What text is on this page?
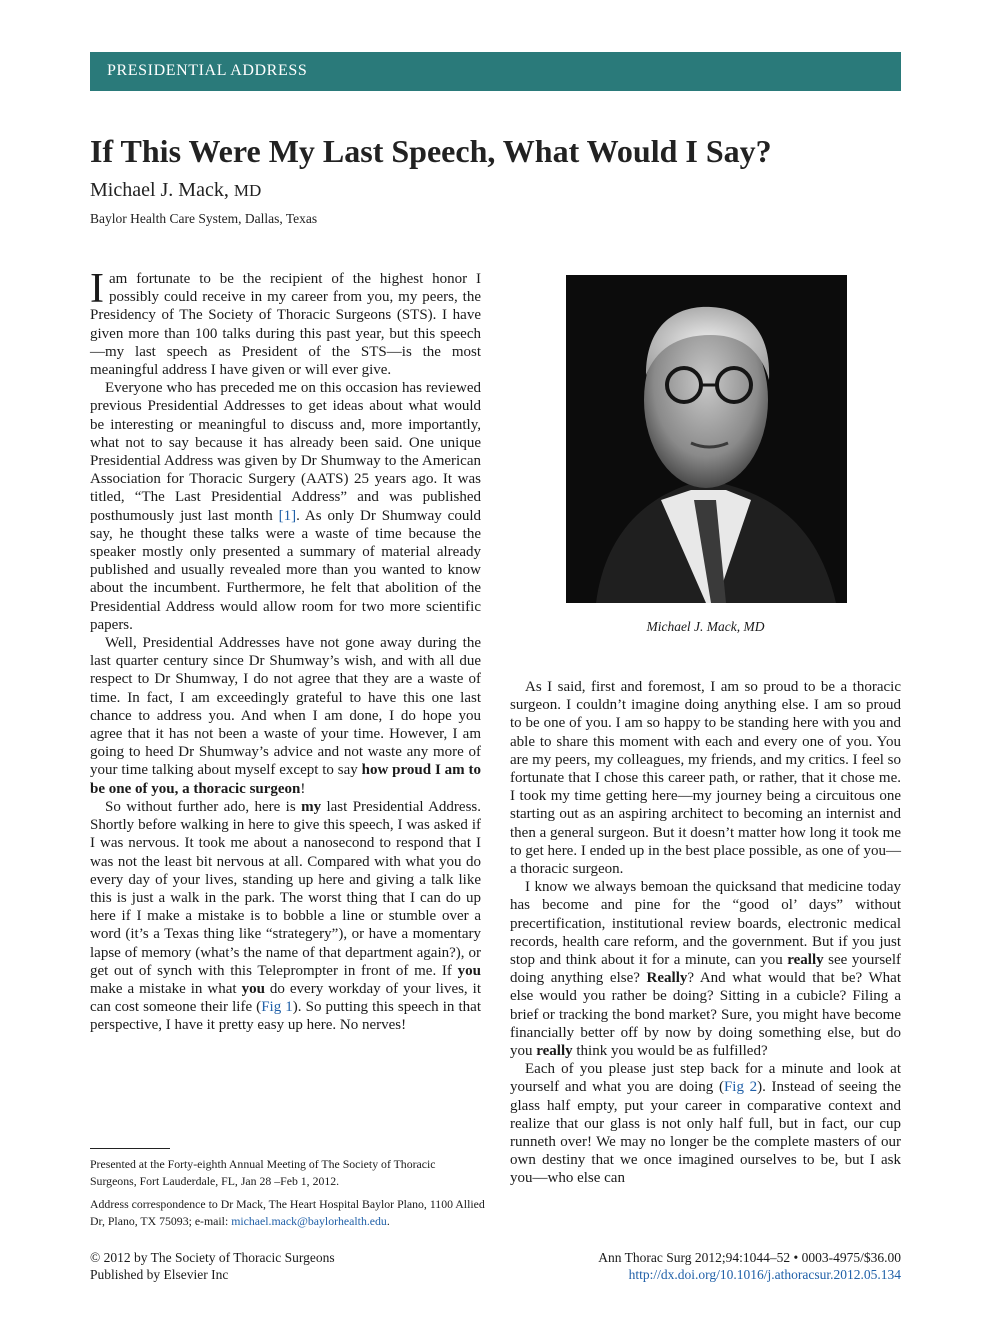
PRESIDENTIAL ADDRESS
If This Were My Last Speech, What Would I Say?
Michael J. Mack, MD
Baylor Health Care System, Dallas, Texas

Iam fortunate to be the recipient of the highest honor I possibly could receive in my career from you, my peers, the Presidency of The Society of Thoracic Surgeons (STS). I have given more than 100 talks during this past year, but this speech—my last speech as President of the STS—is the most meaningful address I have given or will ever give.

Everyone who has preceded me on this occasion has reviewed previous Presidential Addresses to get ideas about what would be interesting or meaningful to discuss and, more importantly, what not to say because it has already been said. One unique Presidential Address was given by Dr Shumway to the American Association for Thoracic Surgery (AATS) 25 years ago. It was titled, “The Last Presidential Address” and was published posthumously just last month [1]. As only Dr Shumway could say, he thought these talks were a waste of time because the speaker mostly only presented a summary of material already published and usually revealed more than you wanted to know about the incumbent. Furthermore, he felt that abolition of the Presidential Address would allow room for two more scientific papers.

Well, Presidential Addresses have not gone away during the last quarter century since Dr Shumway’s wish, and with all due respect to Dr Shumway, I do not agree that they are a waste of time. In fact, I am exceedingly grateful to have this one last chance to address you. And when I am done, I do hope you agree that it has not been a waste of your time. However, I am going to heed Dr Shumway’s advice and not waste any more of your time talking about myself except to say how proud I am to be one of you, a thoracic surgeon!

So without further ado, here is my last Presidential Address. Shortly before walking in here to give this speech, I was asked if I was nervous. It took me about a nanosecond to respond that I was not the least bit nervous at all. Compared with what you do every day of your lives, standing up here and giving a talk like this is just a walk in the park. The worst thing that I can do up here if I make a mistake is to bobble a line or stumble over a word (it’s a Texas thing like “strategery”), or have a momentary lapse of memory (what’s the name of that department again?), or get out of synch with this Teleprompter in front of me. If you make a mistake in what you do every workday of your lives, it can cost someone their life (Fig 1). So putting this speech in that perspective, I have it pretty easy up here. No nerves!

Michael J. Mack, MD

As I said, first and foremost, I am so proud to be a thoracic surgeon. I couldn’t imagine doing anything else. I am so proud to be one of you. I am so happy to be standing here with you and able to share this moment with each and every one of you. You are my peers, my colleagues, my friends, and my critics. I feel so fortunate that I chose this career path, or rather, that it chose me. I took my time getting here—my journey being a circuitous one starting out as an aspiring architect to becoming an internist and then a general surgeon. But it doesn’t matter how long it took me to get here. I ended up in the best place possible, as one of you—a thoracic surgeon.

I know we always bemoan the quicksand that medicine today has become and pine for the “good ol’ days” without precertification, institutional review boards, electronic medical records, health care reform, and the government. But if you just stop and think about it for a minute, can you really see yourself doing anything else? Really? And what would that be? What else would you rather be doing? Sitting in a cubicle? Filing a brief or tracking the bond market? Sure, you might have become financially better off by now by doing something else, but do you really think you would be as fulfilled?

Each of you please just step back for a minute and look at yourself and what you are doing (Fig 2). Instead of seeing the glass half empty, put your career in comparative context and realize that our glass is not only half full, but in fact, our cup runneth over! We may no longer be the complete masters of our own destiny that we once imagined ourselves to be, but I ask you—who else can

Presented at the Forty-eighth Annual Meeting of The Society of Thoracic Surgeons, Fort Lauderdale, FL, Jan 28 –Feb 1, 2012.
Address correspondence to Dr Mack, The Heart Hospital Baylor Plano, 1100 Allied Dr, Plano, TX 75093; e-mail: michael.mack@baylorhealth.edu.
© 2012 by The Society of Thoracic Surgeons
Published by Elsevier Inc
Ann Thorac Surg 2012;94:1044–52 • 0003-4975/$36.00
http://dx.doi.org/10.1016/j.athoracsur.2012.05.134
